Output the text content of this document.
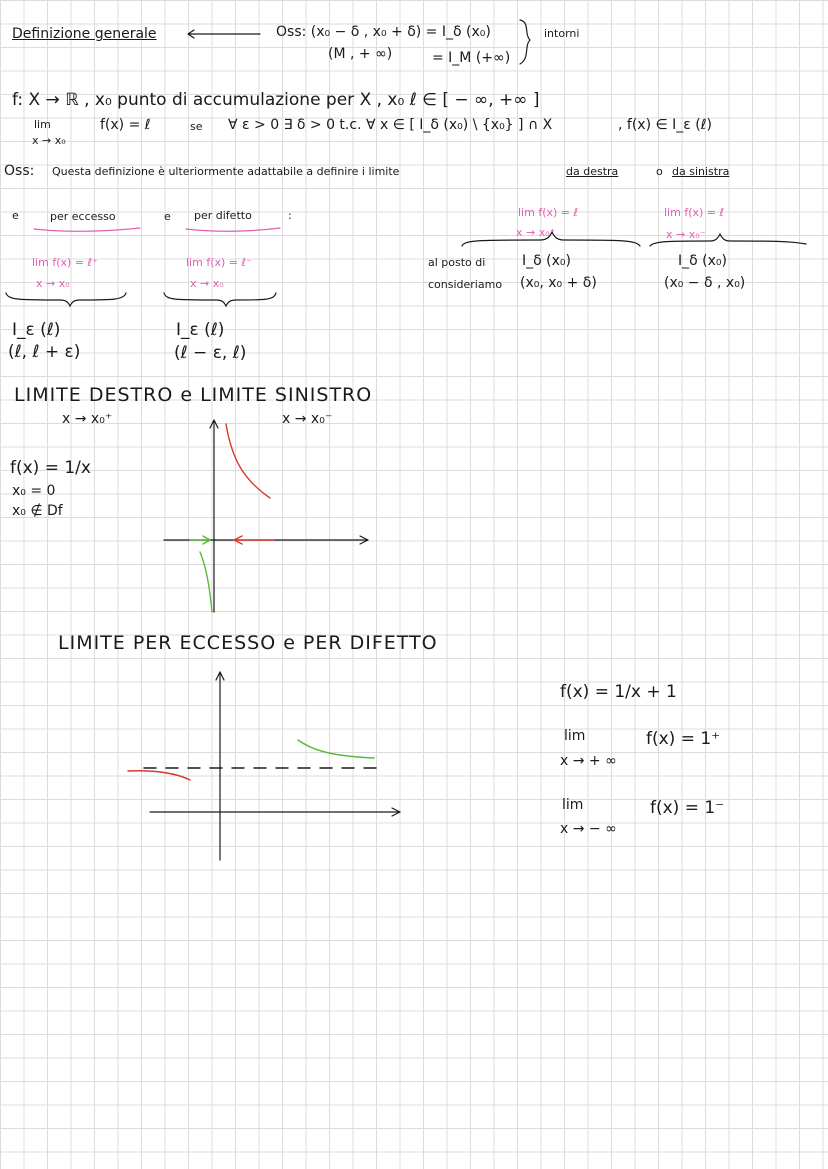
Definizione generale	Oss: (x₀ − δ , x₀ + δ) = I_δ (x₀)
(M , + ∞)	= I_M (+∞)
intorni
f: X → ℝ , x₀ punto di accumulazione per X , x₀ ℓ ∈ [ − ∞, +∞ ]
lim
x → x₀
f(x) = ℓ	se ∀ ε > 0 ∃ δ > 0 t.c. ∀ x ∈ [ I_δ (x₀) \ {x₀} ] ∩ X	, f(x) ∈ I_ε (ℓ)
Oss: Questa definizione è ulteriormente adattabile a definire i limite	da destra	o da sinistra
e	per eccesso	e per difetto	:
lim f(x) = ℓ⁺
x → x₀
lim f(x) = ℓ⁻
x → x₀
I_ε (ℓ)
(ℓ, ℓ + ε)
I_ε (ℓ)
(ℓ − ε, ℓ)
lim f(x) = ℓ
x → x₀⁺
lim f(x) = ℓ
x → x₀⁻
al posto di
consideriamo
I_δ (x₀)
(x₀, x₀ + δ)
I_δ (x₀)
(x₀ − δ , x₀)
LIMITE DESTRO e LIMITE SINISTRO
x → x₀⁺	x → x₀⁻
f(x) = 1/x
x₀ = 0
x₀ ∉ Df
LIMITE PER ECCESSO e PER DIFETTO
f(x) = 1/x + 1
lim
x → + ∞
f(x) = 1⁺
lim
x → − ∞
f(x) = 1⁻
